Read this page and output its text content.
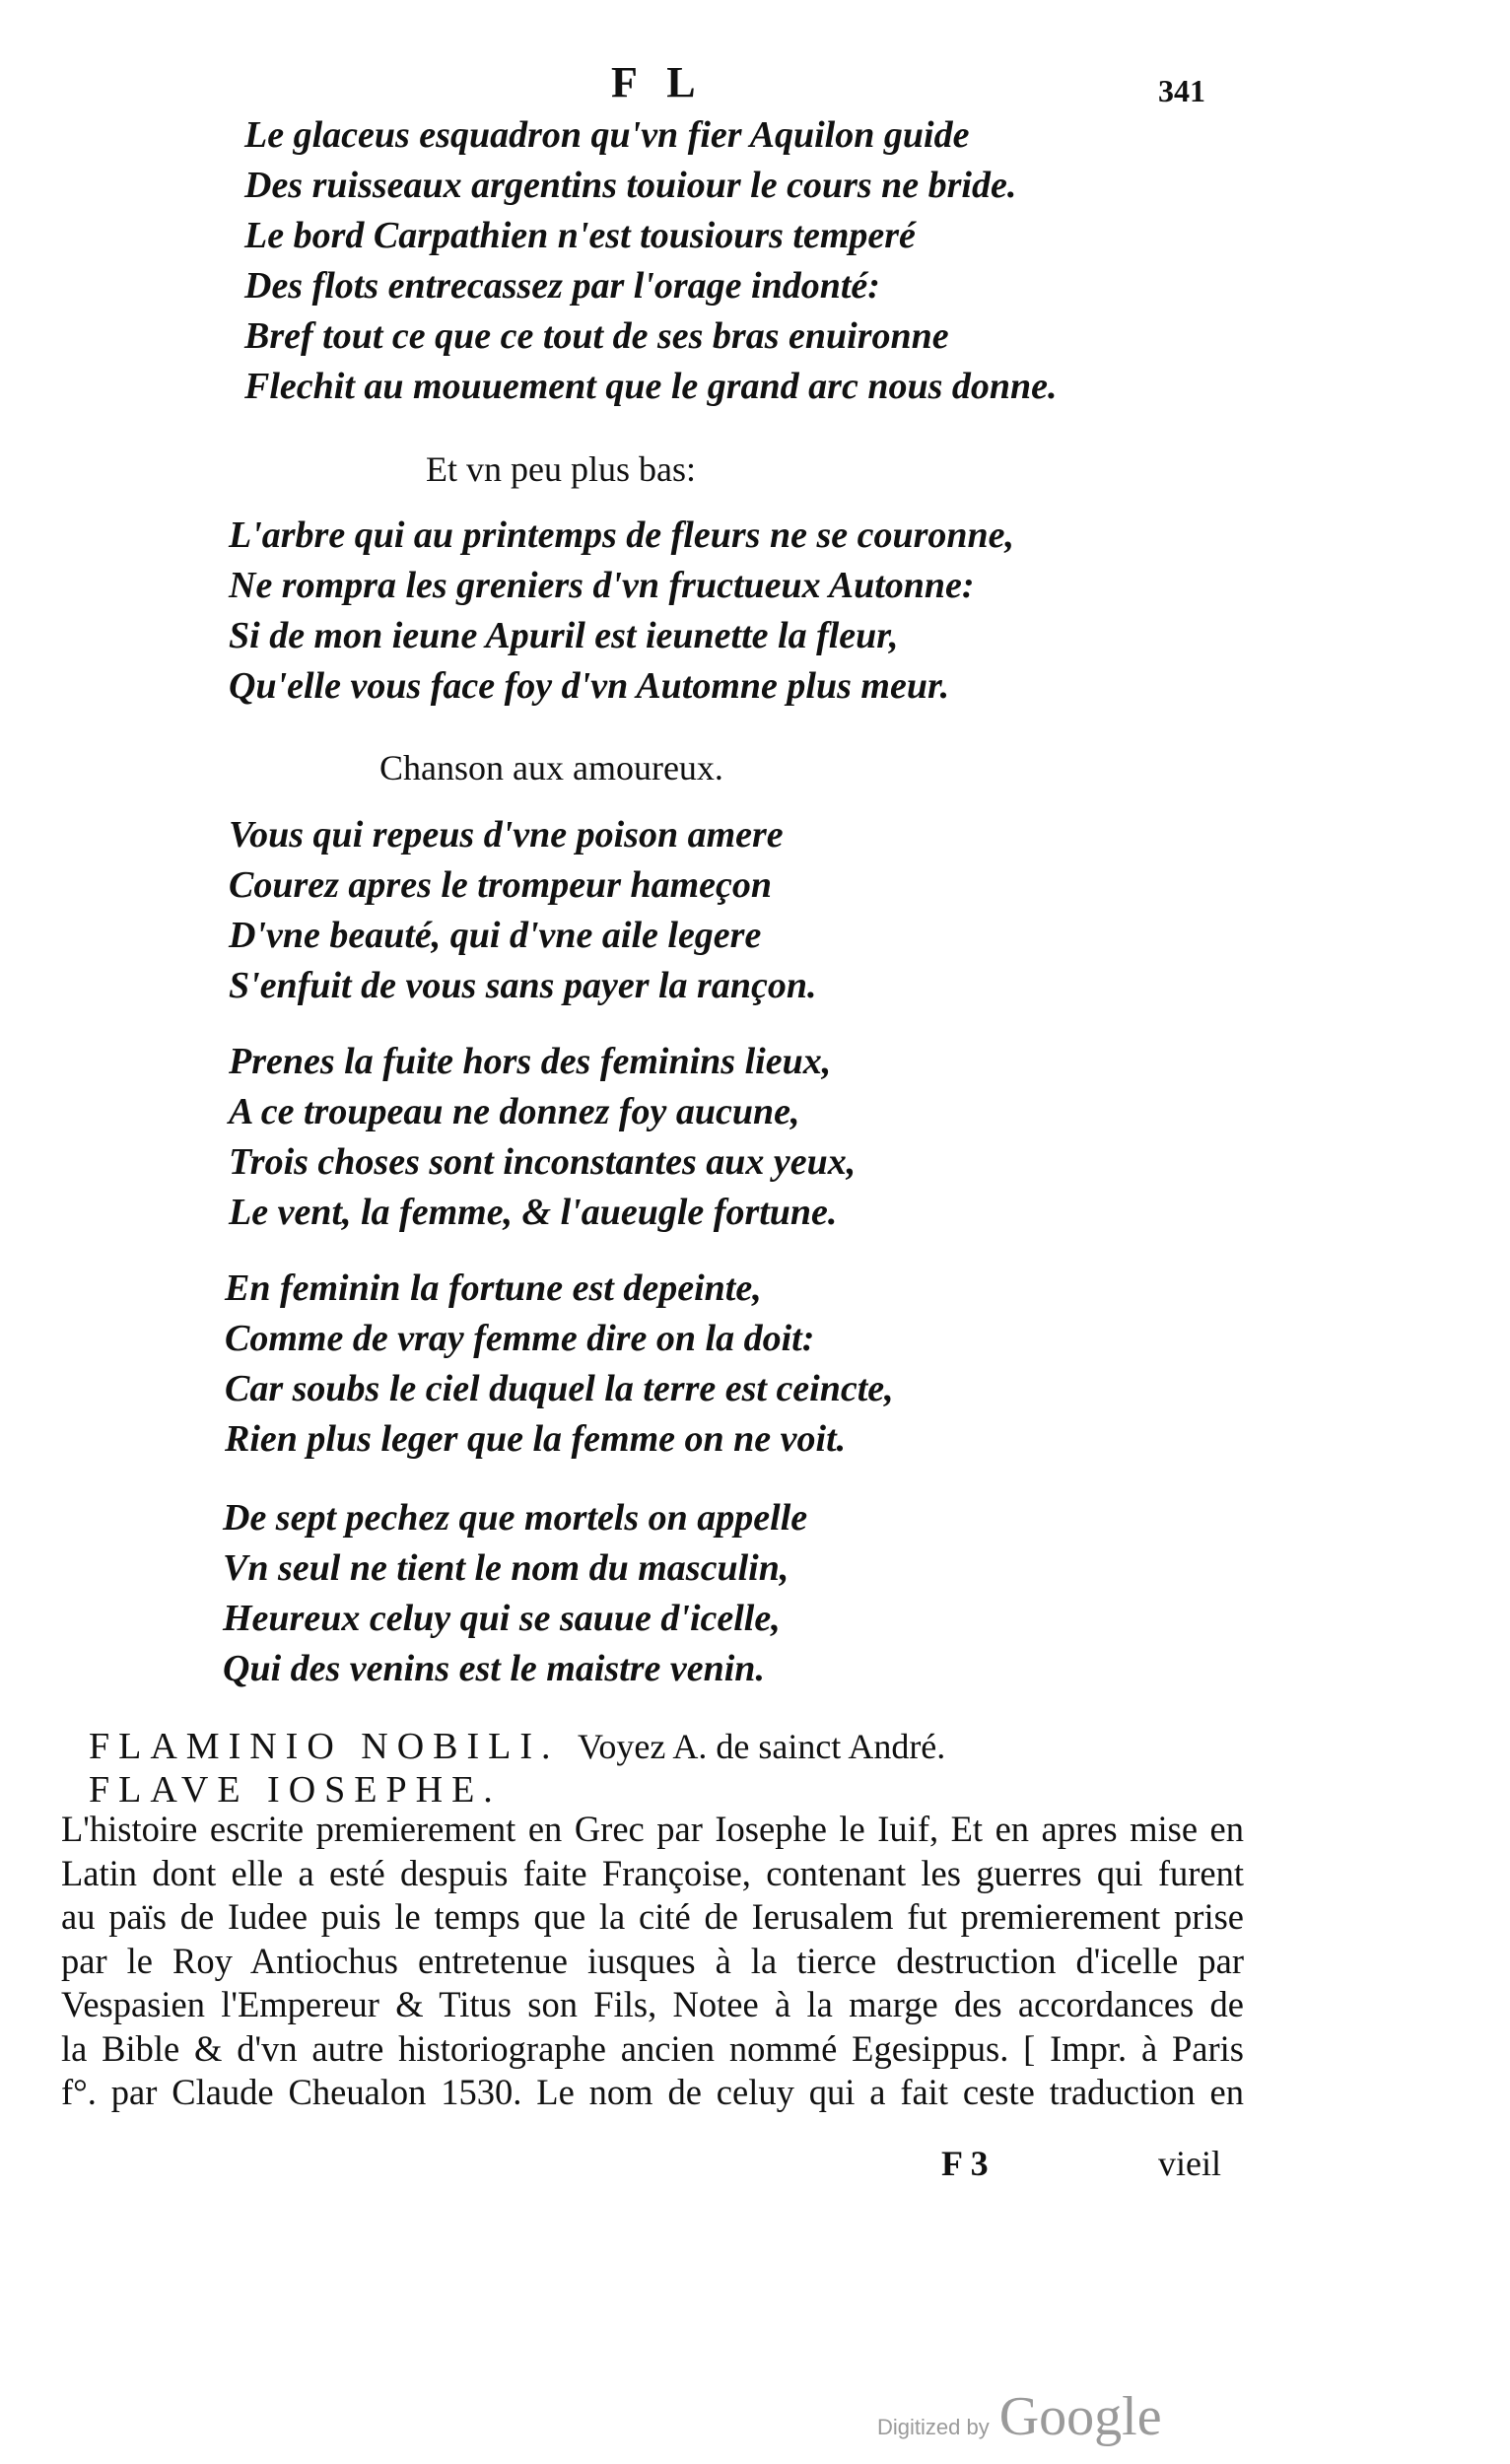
F L	341
Le glaceus esquadron qu'vn fier Aquilon guide
Des ruisseaux argentins touiour le cours ne bride.
Le bord Carpathien n'est tousiours temperé
Des flots entrecassez par l'orage indonté:
Bref tout ce que ce tout de ses bras enuironne
Flechit au mouuement que le grand arc nous donne.
Et vn peu plus bas:
L'arbre qui au printemps de fleurs ne se couronne,
Ne rompra les greniers d'vn fructueux Autonne:
Si de mon ieune Apuril est ieunette la fleur,
Qu'elle vous face foy d'vn Automne plus meur.
Chanson aux amoureux.
Vous qui repeus d'vne poison amere
Courez apres le trompeur hameçon
D'vne beauté, qui d'vne aile legere
S'enfuit de vous sans payer la rançon.
Prenes la fuite hors des feminins lieux,
A ce troupeau ne donnez foy aucune,
Trois choses sont inconstantes aux yeux,
Le vent, la femme, & l'aueugle fortune.
En feminin la fortune est depeinte,
Comme de vray femme dire on la doit:
Car soubs le ciel duquel la terre est ceincte,
Rien plus leger que la femme on ne voit.
De sept pechez que mortels on appelle
Vn seul ne tient le nom du masculin,
Heureux celuy qui se sauue d'icelle,
Qui des venins est le maistre venin.
FLAMINIO NOBILI. Voyez A. de sainct André.
FLAVE IOSEPHE.
L'histoire escrite premierement en Grec par Iosephe le Iuif, Et en apres mise en
Latin dont elle a esté despuis faite Françoise, contenant les guerres qui furent
au païs de Iudee puis le temps que la cité de Ierusalem fut premierement prise
par le Roy Antiochus entretenue iusques à la tierce destruction d'icelle par
Vespasien l'Empereur & Titus son Fils, Notee à la marge des accordances de
la Bible & d'vn autre historiographe ancien nommé Egesippus. [ Impr. à Paris
f°. par Claude Cheualon 1530. Le nom de celuy qui a fait ceste traduction en
F 3	vieil
Digitized by Google
